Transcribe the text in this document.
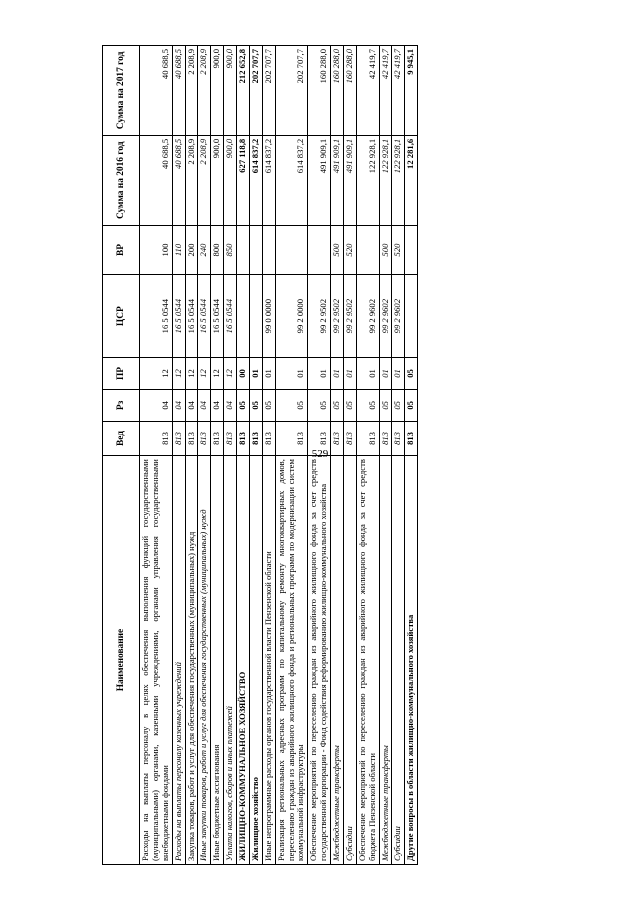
529
Наименование	Вед	Рз	ПР	ЦСР	ВР	Сумма на 2016 год	Сумма на 2017 год
Расходы на выплаты персоналу в целях обеспечения выполнения функций государственными (муниципальными) органами, казенными учреждениями, органами управления государственными внебюджетными фондами	813	04	12	16 5 0544	100	40 688,5	40 688,5
Расходы на выплаты персоналу казенных учреждений	813	04	12	16 5 0544	110	40 688,5	40 688,5
Закупка товаров, работ и услуг для обеспечения государственных (муниципальных) нужд	813	04	12	16 5 0544	200	2 208,9	2 208,9
Иные закупки товаров, работ и услуг для обеспечения государственных (муниципальных) нужд	813	04	12	16 5 0544	240	2 208,9	2 208,9
Иные бюджетные ассигнования	813	04	12	16 5 0544	800	900,0	900,0
Уплата налогов, сборов и иных платежей	813	04	12	16 5 0544	850	900,0	900,0
ЖИЛИЩНО-КОММУНАЛЬНОЕ ХОЗЯЙСТВО	813	05	00			627 118,8	212 652,8
Жилищное хозяйство	813	05	01			614 837,2	202 707,7
Иные непрограммные расходы органов государственной власти Пензенской области	813	05	01	99 0 0000		614 837,2	202 707,7
Реализация региональных адресных программ по капитальному ремонту многоквартирных домов, переселению граждан из аварийного жилищного фонда и региональных программ по модернизации систем коммунальной инфраструктуры	813	05	01	99 2 0000		614 837,2	202 707,7
Обеспечение мероприятий по переселению граждан из аварийного жилищного фонда за счет средств государственной корпорации - Фонд содействия реформированию жилищно-коммунального хозяйства	813	05	01	99 2 9502		491 909,1	160 288,0
Межбюджетные трансферты	813	05	01	99 2 9502	500	491 909,1	160 288,0
Субсидии	813	05	01	99 2 9502	520	491 909,1	160 288,0
Обеспечение мероприятий по переселению граждан из аварийного жилищного фонда за счет средств бюджета Пензенской области	813	05	01	99 2 9602		122 928,1	42 419,7
Межбюджетные трансферты	813	05	01	99 2 9602	500	122 928,1	42 419,7
Субсидии	813	05	01	99 2 9602	520	122 928,1	42 419,7
Другие вопросы в области жилищно-коммунального хозяйства	813	05	05			12 281,6	9 945,1
